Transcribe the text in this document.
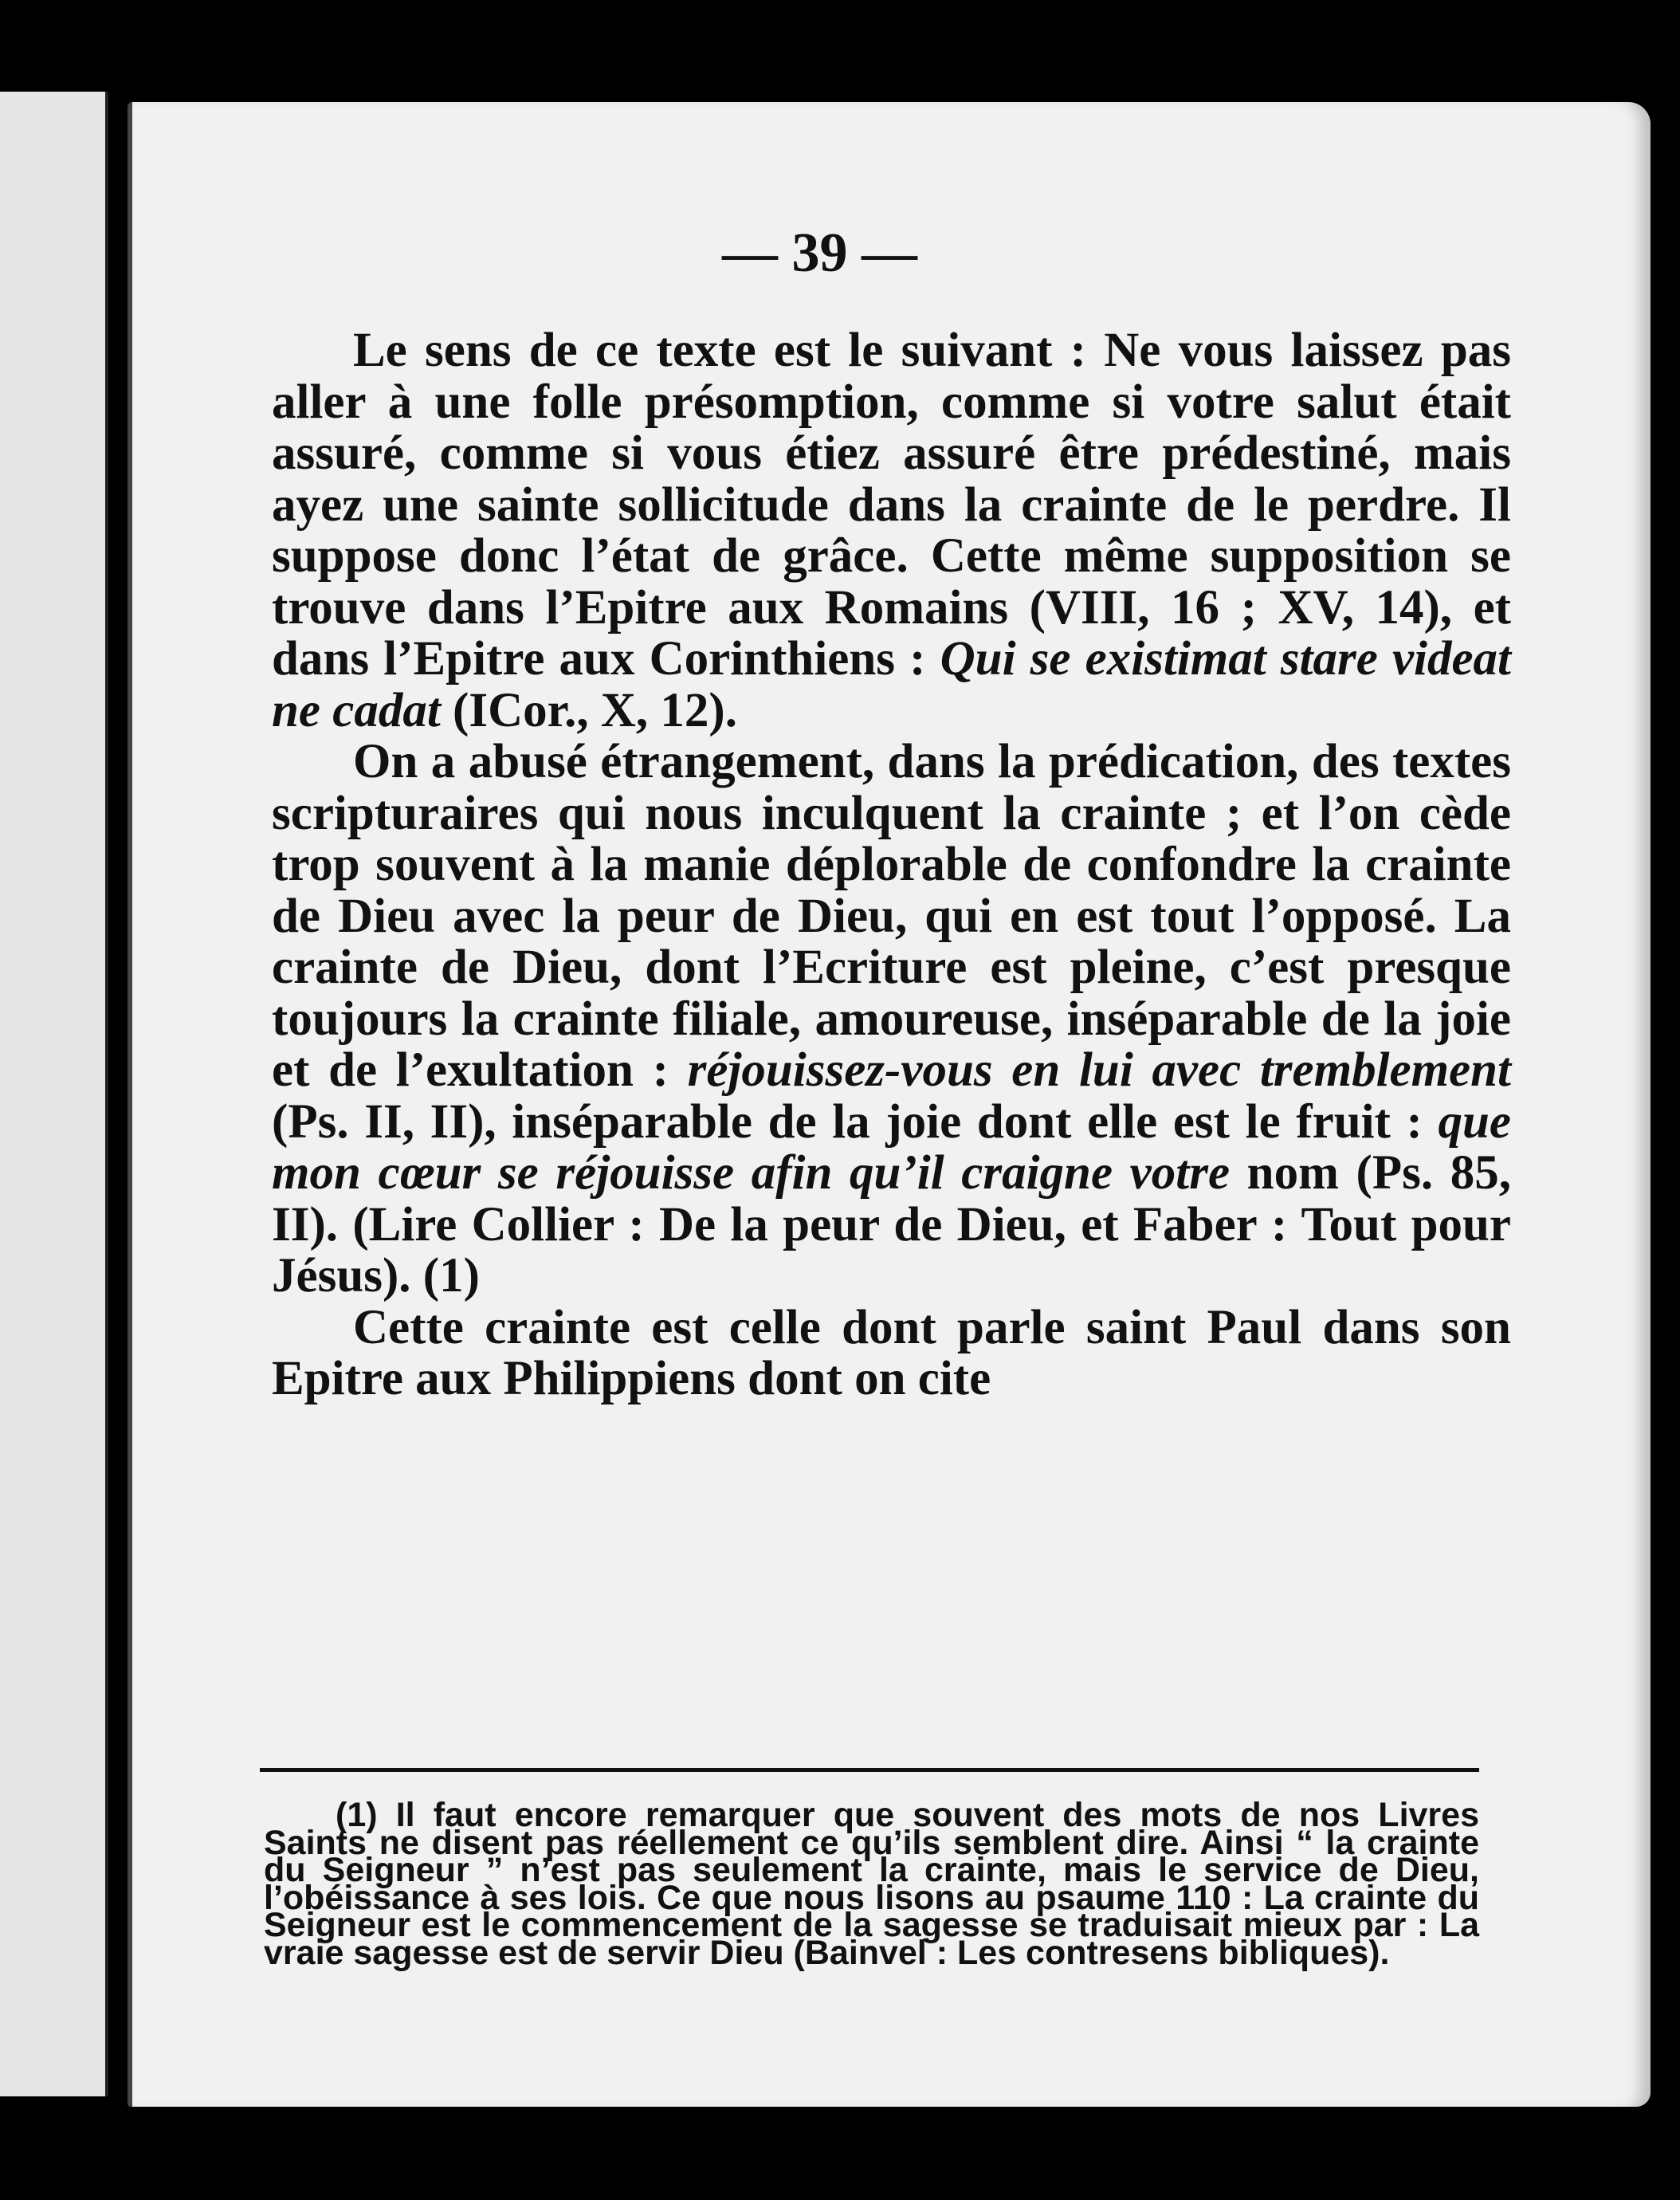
— 39 —

Le sens de ce texte est le suivant : Ne vous laissez pas aller à une folle présomption, comme si votre salut était assuré, comme si vous étiez assuré être prédestiné, mais ayez une sainte sollicitude dans la crainte de le perdre. Il suppose donc l’état de grâce. Cette même supposition se trouve dans l’Epitre aux Romains (VIII, 16 ; XV, 14), et dans l’Epitre aux Corinthiens : Qui se existimat stare videat ne cadat (ICor., X, 12).

On a abusé étrangement, dans la prédication, des textes scripturaires qui nous inculquent la crainte ; et l’on cède trop souvent à la manie déplorable de confondre la crainte de Dieu avec la peur de Dieu, qui en est tout l’opposé. La crainte de Dieu, dont l’Ecriture est pleine, c’est presque toujours la crainte filiale, amoureuse, inséparable de la joie et de l’exultation : réjouissez-vous en lui avec tremblement (Ps. II, II), inséparable de la joie dont elle est le fruit : que mon cœur se réjouisse afin qu’il craigne votre nom (Ps. 85, II). (Lire Collier : De la peur de Dieu, et Faber : Tout pour Jésus). (1)

Cette crainte est celle dont parle saint Paul dans son Epitre aux Philippiens dont on cite

(1) Il faut encore remarquer que souvent des mots de nos Livres Saints ne disent pas réellement ce qu’ils semblent dire. Ainsi “ la crainte du Seigneur ” n’est pas seulement la crainte, mais le service de Dieu, l’obéissance à ses lois. Ce que nous lisons au psaume 110 : La crainte du Seigneur est le commencement de la sagesse se traduisait mieux par : La vraie sagesse est de servir Dieu (Bainvel : Les contresens bibliques).
